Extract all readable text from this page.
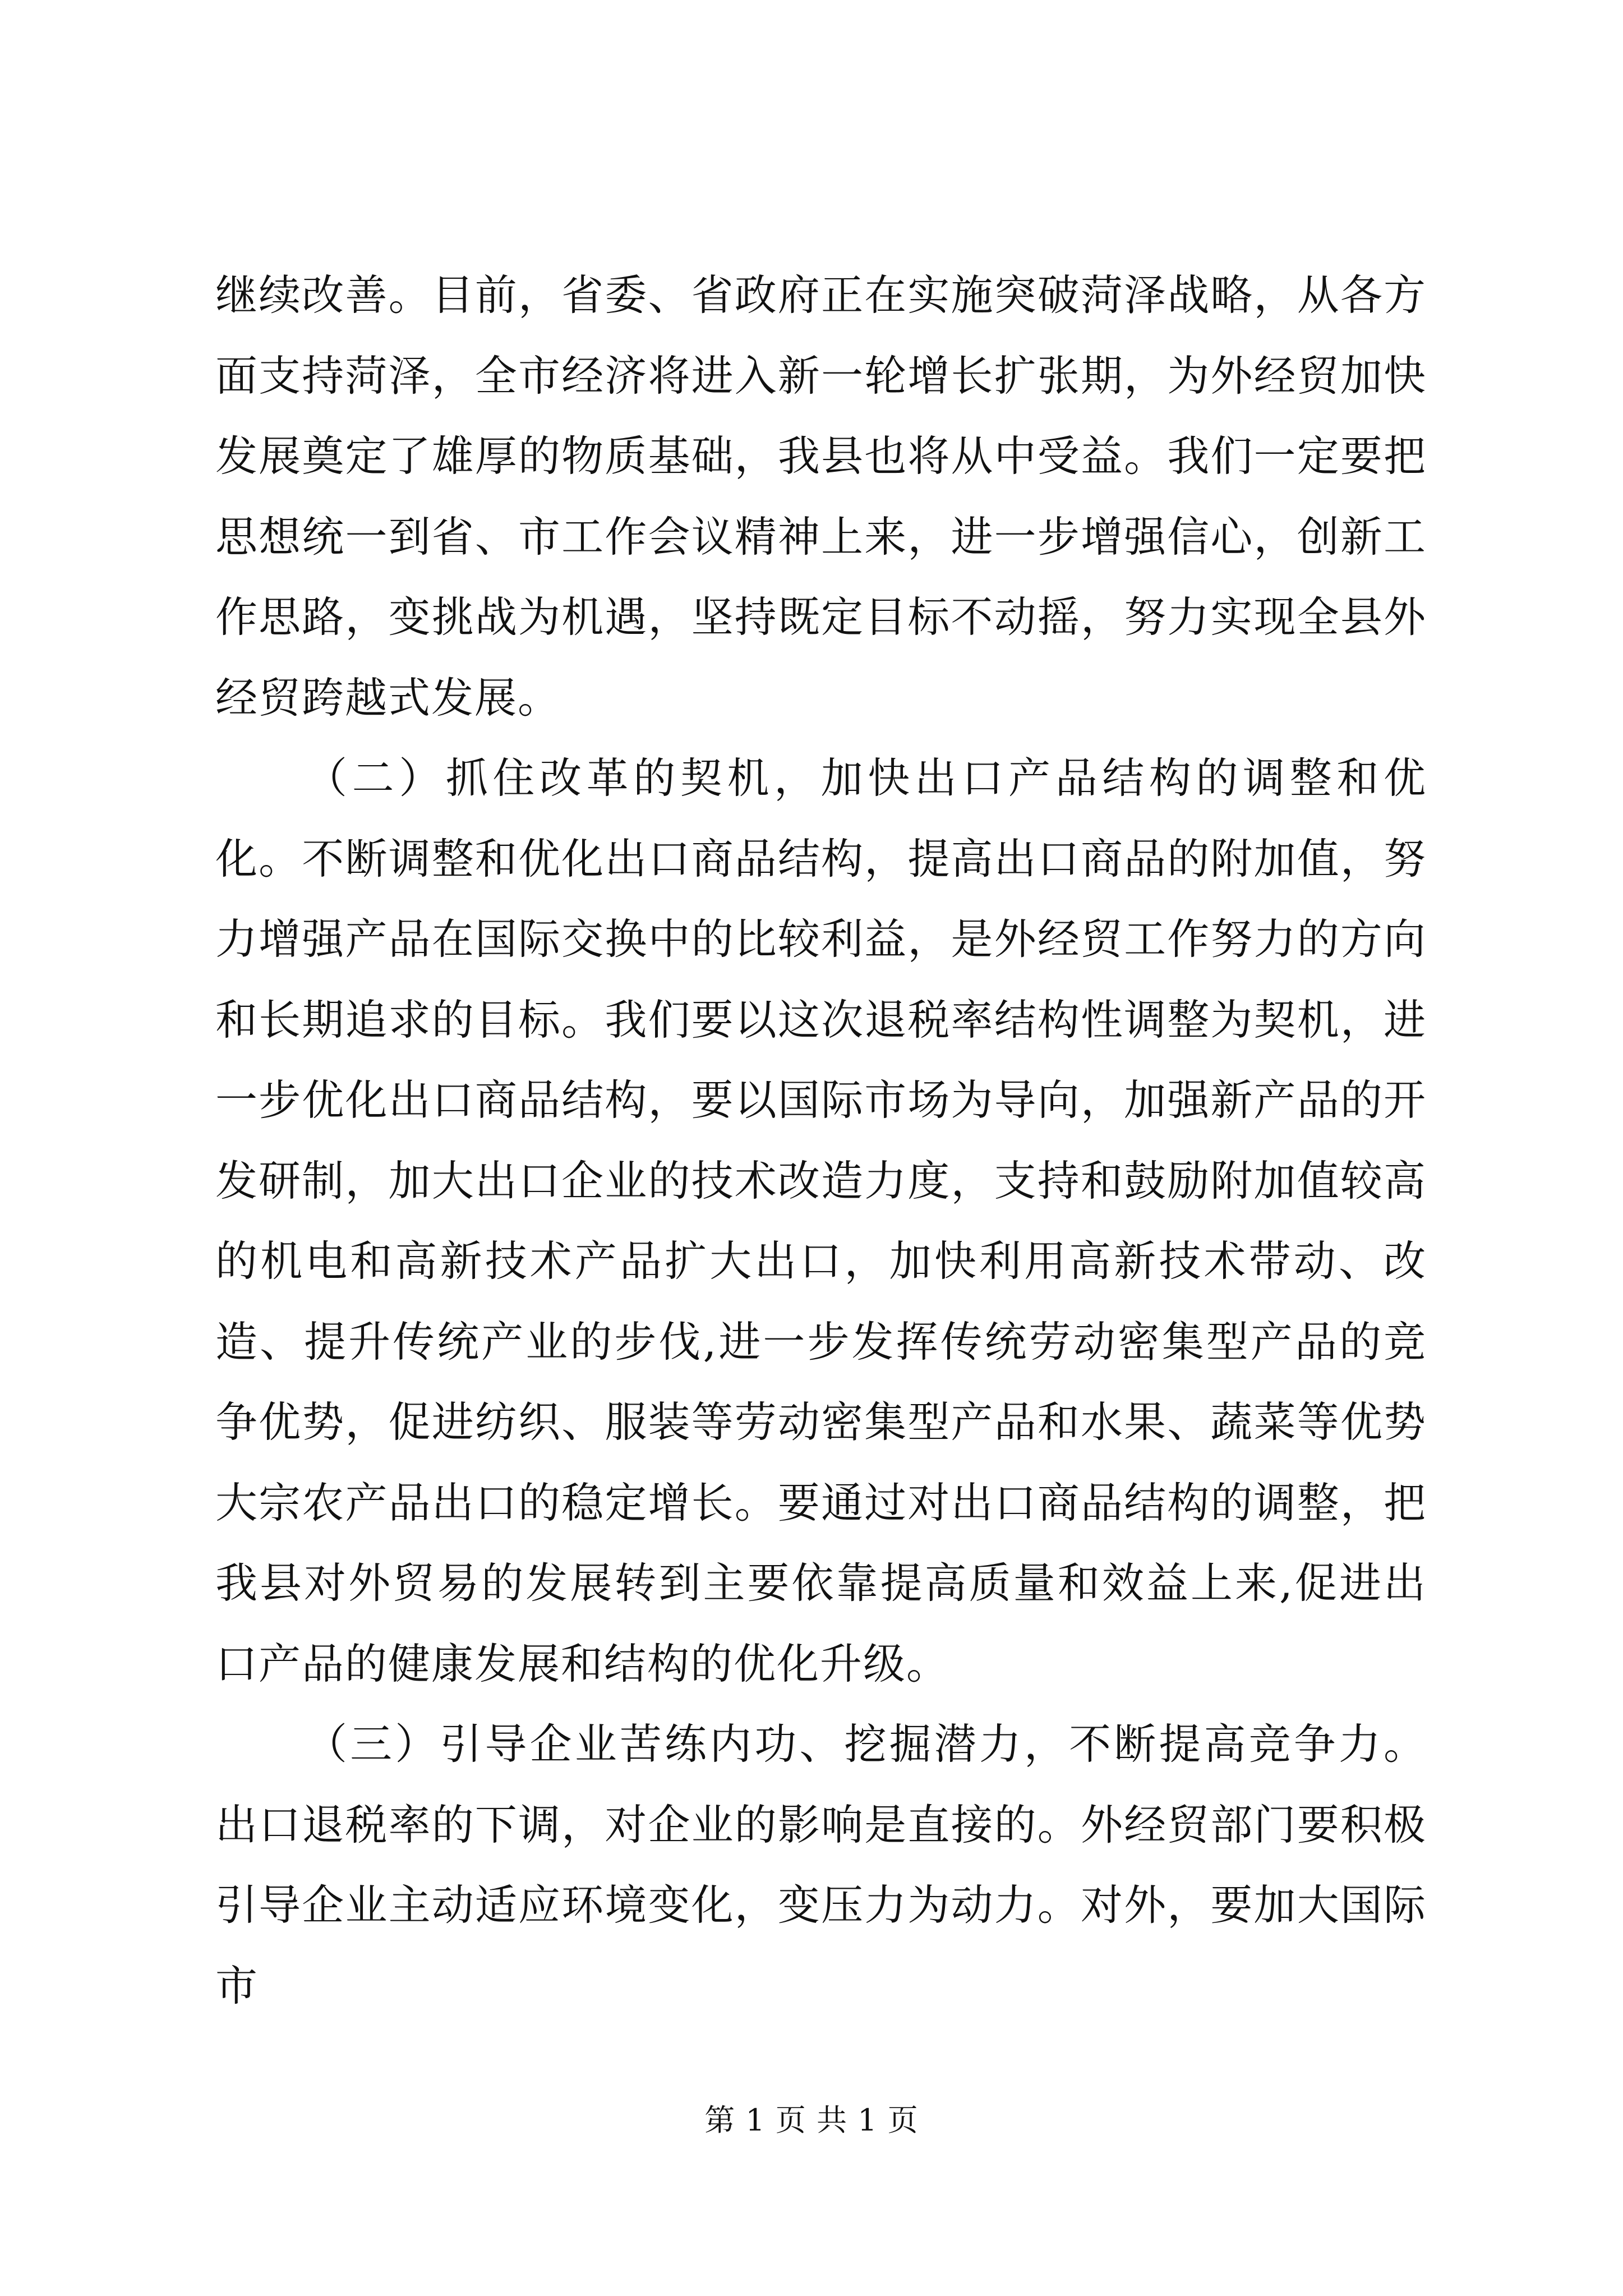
继续改善。目前，省委、省政府正在实施突破菏泽战略，从各方面支持菏泽，全市经济将进入新一轮增长扩张期，为外经贸加快发展奠定了雄厚的物质基础，我县也将从中受益。我们一定要把思想统一到省、市工作会议精神上来，进一步增强信心，创新工作思路，变挑战为机遇，坚持既定目标不动摇，努力实现全县外经贸跨越式发展。

（二）抓住改革的契机，加快出口产品结构的调整和优化。不断调整和优化出口商品结构，提高出口商品的附加值，努力增强产品在国际交换中的比较利益，是外经贸工作努力的方向和长期追求的目标。我们要以这次退税率结构性调整为契机，进一步优化出口商品结构，要以国际市场为导向，加强新产品的开发研制，加大出口企业的技术改造力度，支持和鼓励附加值较高的机电和高新技术产品扩大出口，加快利用高新技术带动、改造、提升传统产业的步伐,进一步发挥传统劳动密集型产品的竞争优势，促进纺织、服装等劳动密集型产品和水果、蔬菜等优势大宗农产品出口的稳定增长。要通过对出口商品结构的调整，把我县对外贸易的发展转到主要依靠提高质量和效益上来,促进出口产品的健康发展和结构的优化升级。

（三）引导企业苦练内功、挖掘潜力，不断提高竞争力。出口退税率的下调，对企业的影响是直接的。外经贸部门要积极引导企业主动适应环境变化，变压力为动力。对外，要加大国际市

第 1 页 共 1 页
